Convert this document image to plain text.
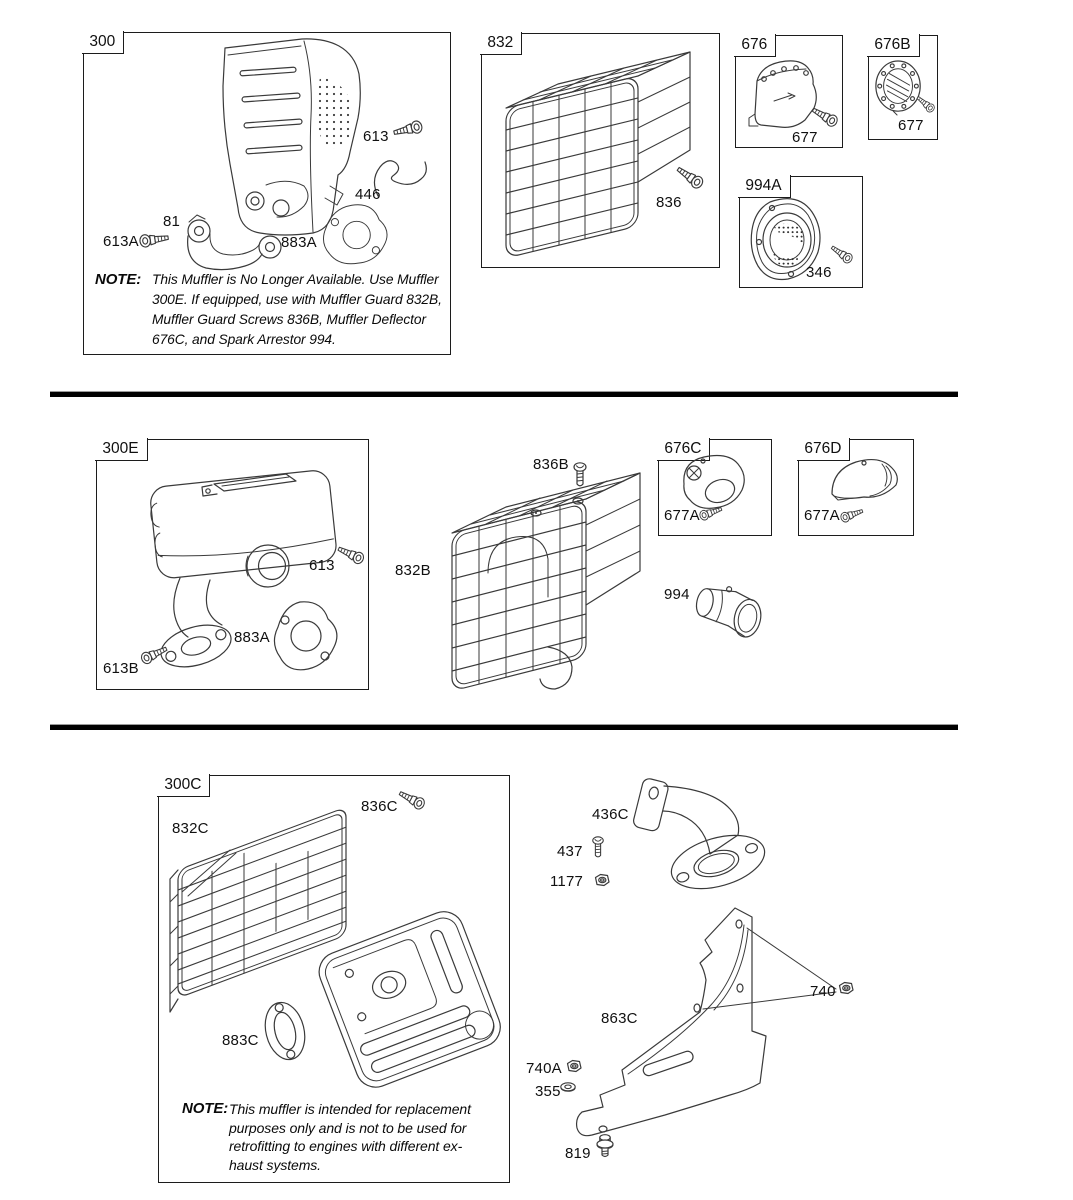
300
613
446
81
613A	883A
NOTE: This Muffler is No Longer Available. Use Muffler
300E. If equipped, use with Muffler Guard 832B,
Muffler Guard Screws 836B, Muffler Deflector
676C, and Spark Arrestor 994.
832
836
676
677
676B
677
994A
346
300E
613
883A
613B
836B
832B
676C
677A
676D
677A
994
300C
832C
836C
883C
NOTE: This muffler is intended for replacement
purposes only and is not to be used for
retrofitting to engines with different ex-
haust systems.
436C
437
1177
863C
740
740A
355
819
